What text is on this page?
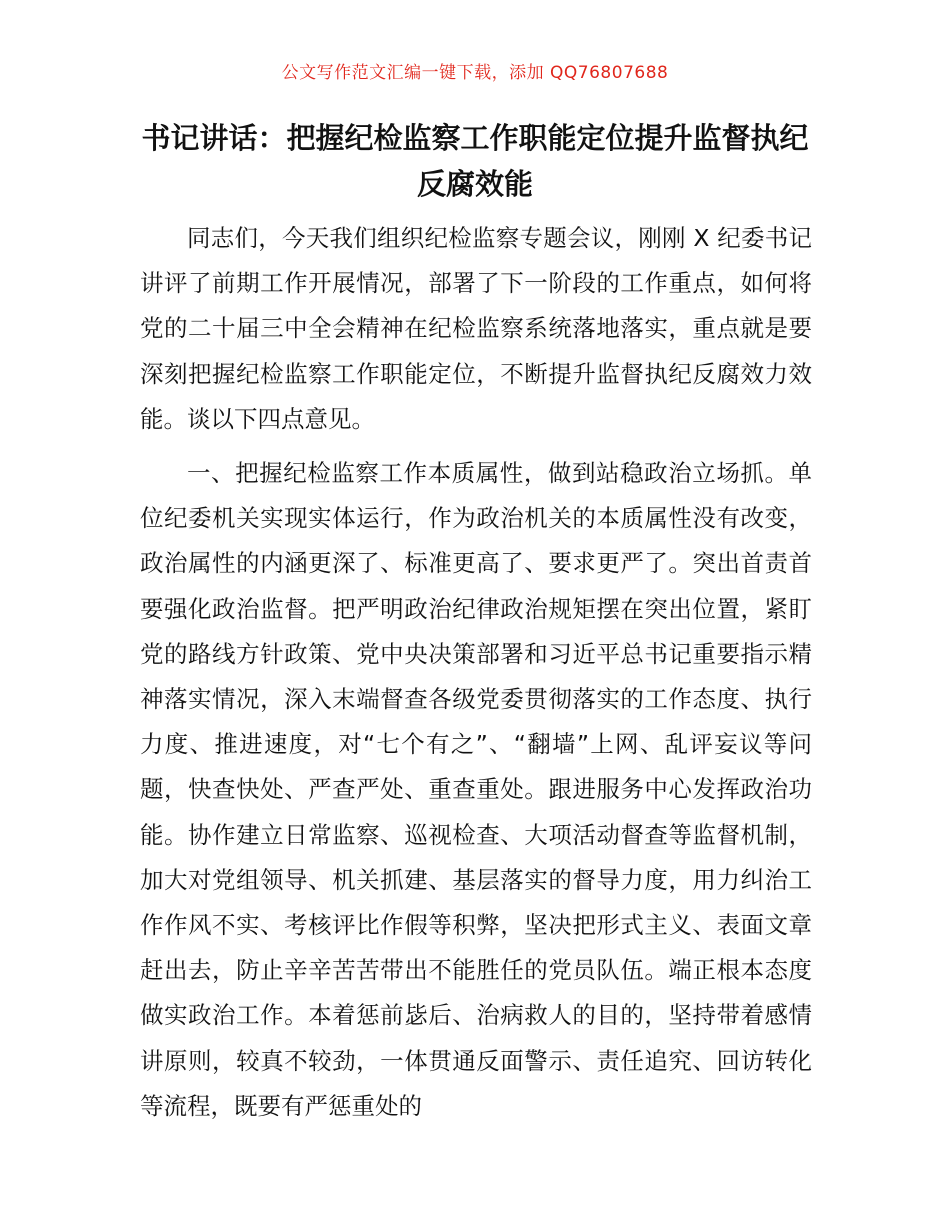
公文写作范文汇编一键下载，添加 QQ76807688
书记讲话：把握纪检监察工作职能定位提升监督执纪反腐效能

同志们，今天我们组织纪检监察专题会议，刚刚 X 纪委书记讲评了前期工作开展情况，部署了下一阶段的工作重点，如何将党的二十届三中全会精神在纪检监察系统落地落实，重点就是要深刻把握纪检监察工作职能定位，不断提升监督执纪反腐效力效能。谈以下四点意见。

一、把握纪检监察工作本质属性，做到站稳政治立场抓。单位纪委机关实现实体运行，作为政治机关的本质属性没有改变，政治属性的内涵更深了、标准更高了、要求更严了。突出首责首要强化政治监督。把严明政治纪律政治规矩摆在突出位置，紧盯党的路线方针政策、党中央决策部署和习近平总书记重要指示精神落实情况，深入末端督查各级党委贯彻落实的工作态度、执行力度、推进速度，对“七个有之”、“翻墙”上网、乱评妄议等问题，快查快处、严查严处、重查重处。跟进服务中心发挥政治功能。协作建立日常监察、巡视检查、大项活动督查等监督机制，加大对党组领导、机关抓建、基层落实的督导力度，用力纠治工作作风不实、考核评比作假等积弊，坚决把形式主义、表面文章赶出去，防止辛辛苦苦带出不能胜任的党员队伍。端正根本态度做实政治工作。本着惩前毖后、治病救人的目的，坚持带着感情讲原则，较真不较劲，一体贯通反面警示、责任追究、回访转化等流程，既要有严惩重处的
